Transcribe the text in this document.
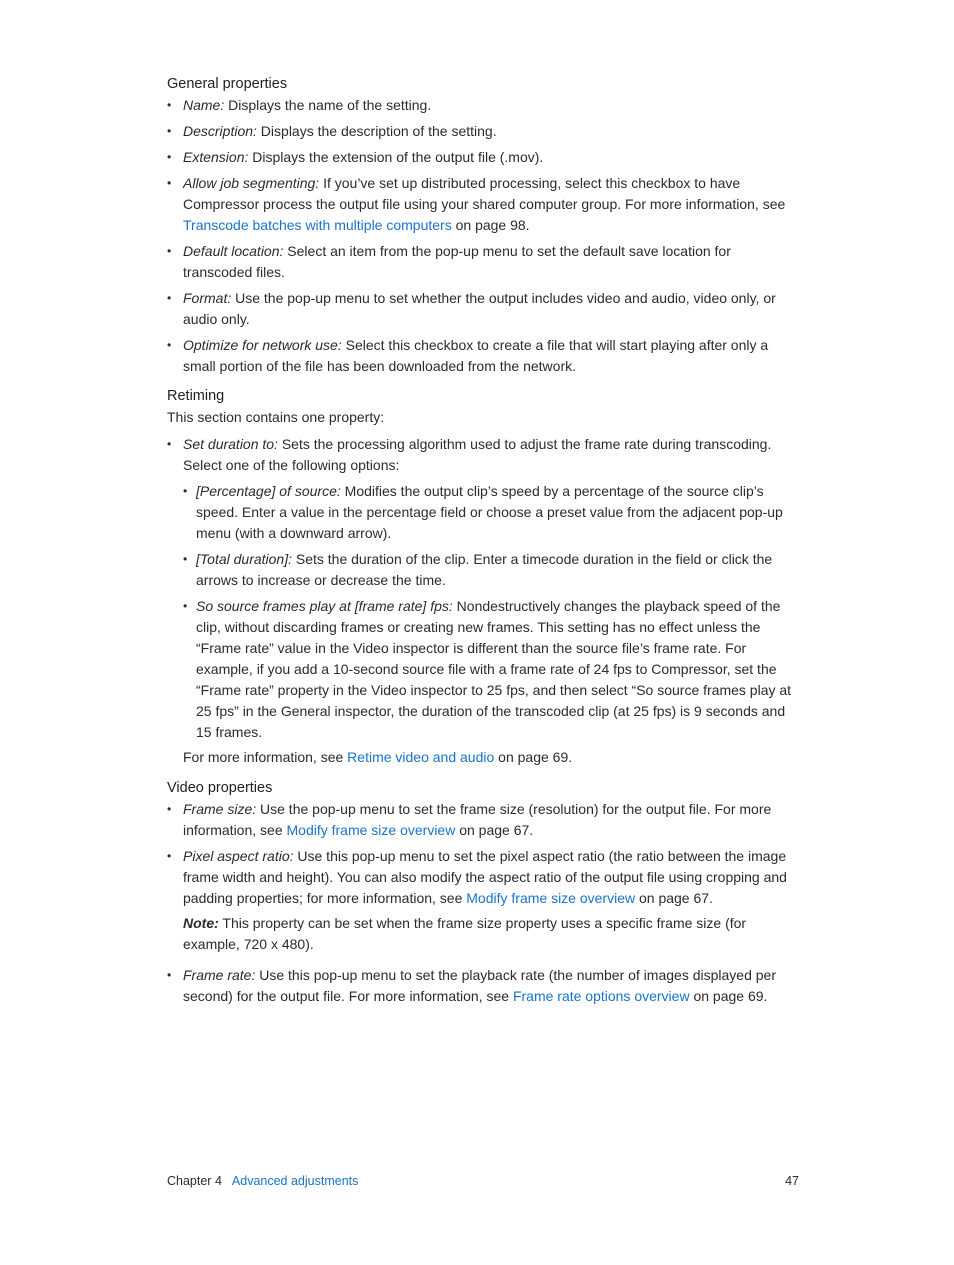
General properties
• Name: Displays the name of the setting.
• Description: Displays the description of the setting.
• Extension: Displays the extension of the output file (.mov).
• Allow job segmenting: If you’ve set up distributed processing, select this checkbox to have Compressor process the output file using your shared computer group. For more information, see Transcode batches with multiple computers on page 98.
• Default location: Select an item from the pop-up menu to set the default save location for transcoded files.
• Format: Use the pop-up menu to set whether the output includes video and audio, video only, or audio only.
• Optimize for network use: Select this checkbox to create a file that will start playing after only a small portion of the file has been downloaded from the network.
Retiming

This section contains one property:

• Set duration to: Sets the processing algorithm used to adjust the frame rate during transcoding. Select one of the following options:
• [Percentage] of source: Modifies the output clip’s speed by a percentage of the source clip’s speed. Enter a value in the percentage field or choose a preset value from the adjacent pop-up menu (with a downward arrow).
• [Total duration]: Sets the duration of the clip. Enter a timecode duration in the field or click the arrows to increase or decrease the time.
• So source frames play at [frame rate] fps: Nondestructively changes the playback speed of the clip, without discarding frames or creating new frames. This setting has no effect unless the “Frame rate” value in the Video inspector is different than the source file’s frame rate. For example, if you add a 10-second source file with a frame rate of 24 fps to Compressor, set the “Frame rate” property in the Video inspector to 25 fps, and then select “So source frames play at 25 fps” in the General inspector, the duration of the transcoded clip (at 25 fps) is 9 seconds and 15 frames.

For more information, see Retime video and audio on page 69.

Video properties
• Frame size: Use the pop-up menu to set the frame size (resolution) for the output file. For more information, see Modify frame size overview on page 67.
• Pixel aspect ratio: Use this pop-up menu to set the pixel aspect ratio (the ratio between the image frame width and height). You can also modify the aspect ratio of the output file using cropping and padding properties; for more information, see Modify frame size overview on page 67.

Note: This property can be set when the frame size property uses a specific frame size (for example, 720 x 480).

• Frame rate: Use this pop-up menu to set the playback rate (the number of images displayed per second) for the output file. For more information, see Frame rate options overview on page 69.
Chapter 4 Advanced adjustments	47
